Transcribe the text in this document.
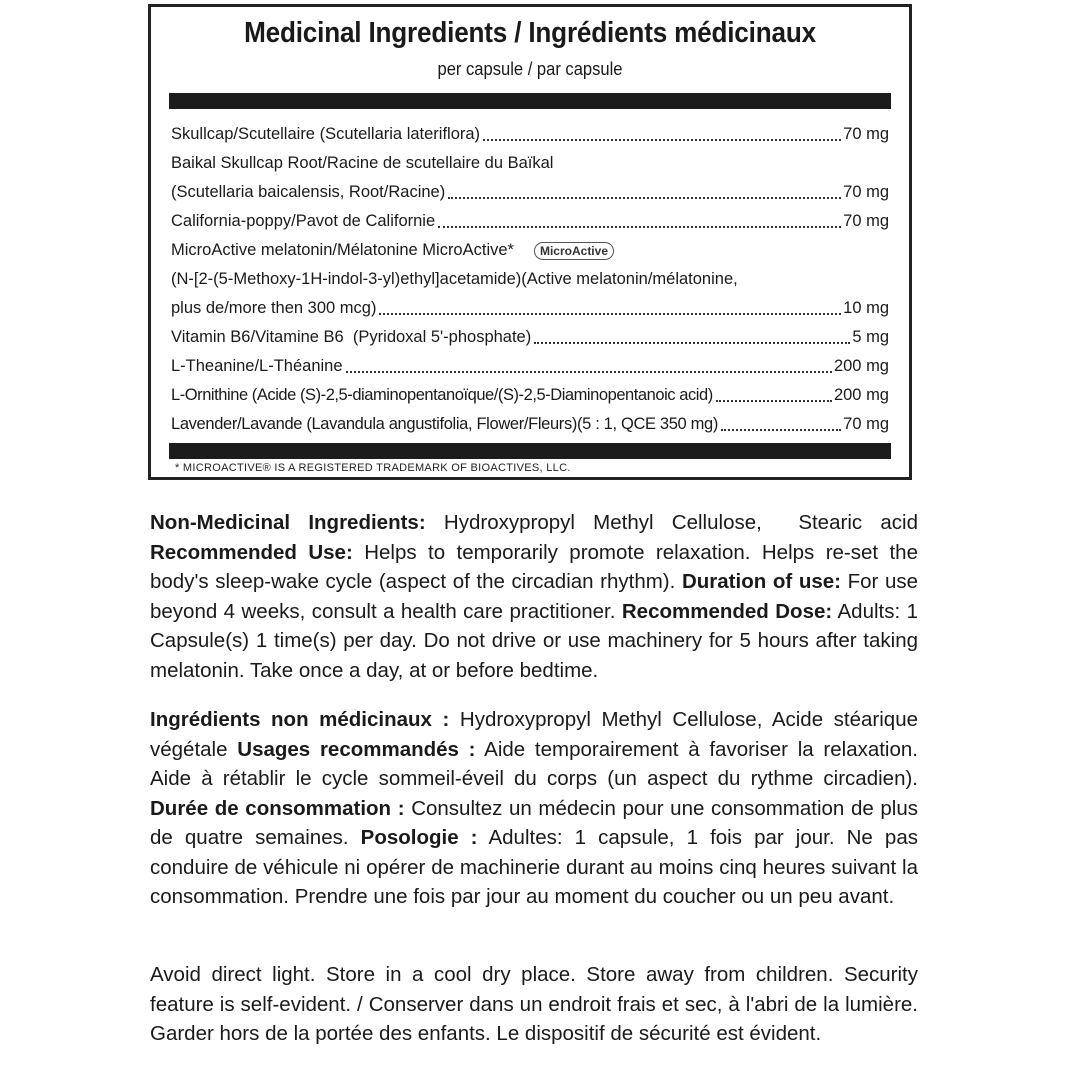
Medicinal Ingredients / Ingrédients médicinaux
per capsule / par capsule
Skullcap/Scutellaire (Scutellaria lateriflora)	70 mg
Baikal Skullcap Root/Racine de scutellaire du Baïkal
(Scutellaria baicalensis, Root/Racine)	70 mg
California-poppy/Pavot de Californie	70 mg
MicroActive melatonin/Mélatonine MicroActive*	MicroActive
(N-[2-(5-Methoxy-1H-indol-3-yl)ethyl]acetamide)(Active melatonin/mélatonine,
plus de/more then 300 mcg)	10 mg
Vitamin B6/Vitamine B6  (Pyridoxal 5'-phosphate)	5 mg
L-Theanine/L-Théanine	200 mg
L-Ornithine (Acide (S)-2,5-diaminopentanoïque/(S)-2,5-Diaminopentanoic acid)	200 mg
Lavender/Lavande (Lavandula angustifolia, Flower/Fleurs)(5 : 1, QCE 350 mg)	70 mg
* MICROACTIVE® IS A REGISTERED TRADEMARK OF BIOACTIVES, LLC.
Non-Medicinal Ingredients: Hydroxypropyl Methyl Cellulose,  Stearic acid Recommended Use: Helps to temporarily promote relaxation. Helps re-set the body's sleep-wake cycle (aspect of the circadian rhythm). Duration of use: For use beyond 4 weeks, consult a health care practitioner. Recommended Dose: Adults: 1 Capsule(s) 1 time(s) per day. Do not drive or use machinery for 5 hours after taking melatonin. Take once a day, at or before bedtime.
Ingrédients non médicinaux : Hydroxypropyl Methyl Cellulose, Acide stéarique végétale Usages recommandés : Aide temporairement à favoriser la relaxation. Aide à rétablir le cycle sommeil-éveil du corps (un aspect du rythme circadien). Durée de consommation : Consultez un médecin pour une consommation de plus de quatre semaines. Posologie : Adultes: 1 capsule, 1 fois par jour. Ne pas conduire de véhicule ni opérer de machinerie durant au moins cinq heures suivant la consommation. Prendre une fois par jour au moment du coucher ou un peu avant.
Avoid direct light. Store in a cool dry place. Store away from children. Security feature is self-evident. / Conserver dans un endroit frais et sec, à l'abri de la lumière. Garder hors de la portée des enfants. Le dispositif de sécurité est évident.
